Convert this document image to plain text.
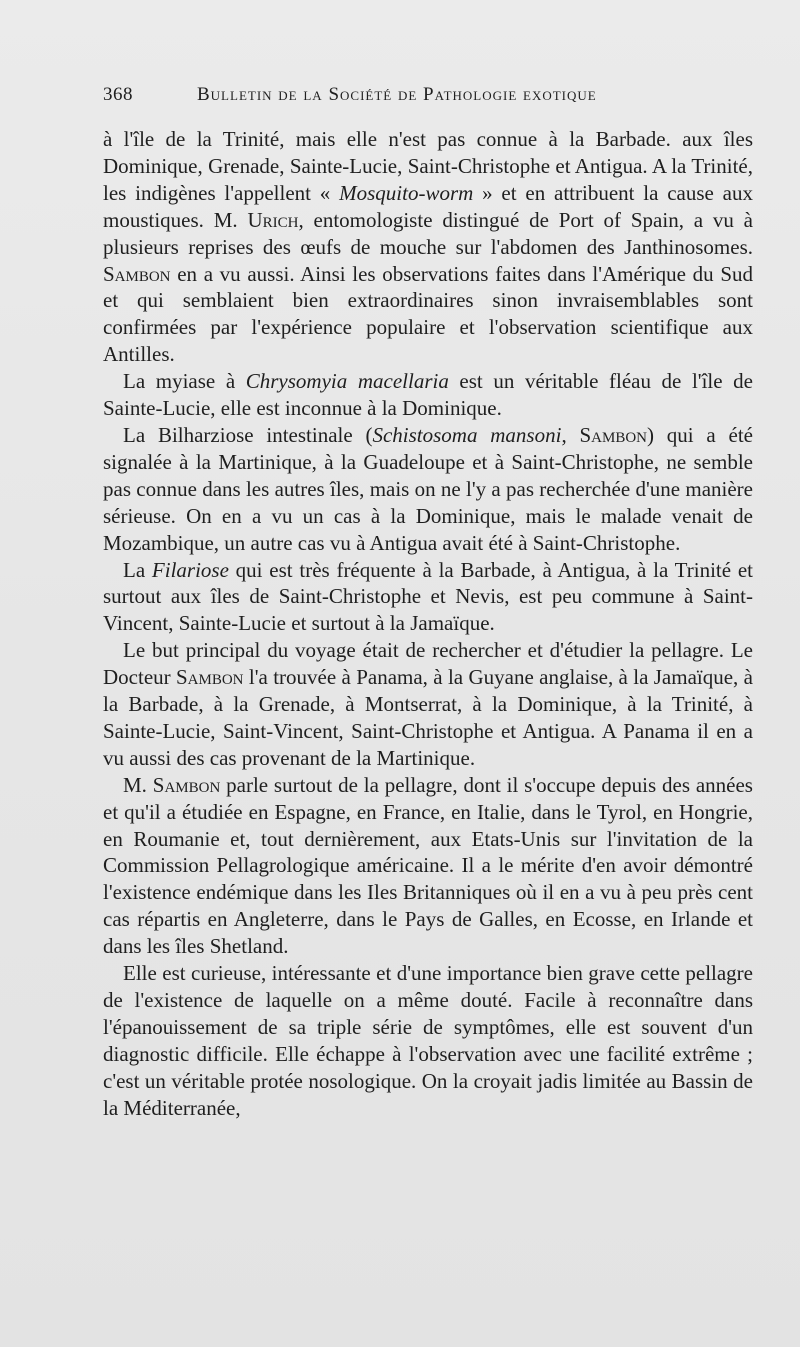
368	Bulletin de la Société de Pathologie exotique

à l'île de la Trinité, mais elle n'est pas connue à la Barbade. aux îles Dominique, Grenade, Sainte-Lucie, Saint-Christophe et Antigua. A la Trinité, les indigènes l'appellent « Mosquito-worm » et en attribuent la cause aux moustiques. M. Urich, entomologiste distingué de Port of Spain, a vu à plusieurs reprises des œufs de mouche sur l'abdomen des Janthinosomes. Sambon en a vu aussi. Ainsi les observations faites dans l'Amérique du Sud et qui semblaient bien extraordinaires sinon invraisemblables sont confirmées par l'expérience populaire et l'observation scientifique aux Antilles.

La myiase à Chrysomyia macellaria est un véritable fléau de l'île de Sainte-Lucie, elle est inconnue à la Dominique.

La Bilharziose intestinale (Schistosoma mansoni, Sambon) qui a été signalée à la Martinique, à la Guadeloupe et à Saint-Christophe, ne semble pas connue dans les autres îles, mais on ne l'y a pas recherchée d'une manière sérieuse. On en a vu un cas à la Dominique, mais le malade venait de Mozambique, un autre cas vu à Antigua avait été à Saint-Christophe.

La Filariose qui est très fréquente à la Barbade, à Antigua, à la Trinité et surtout aux îles de Saint-Christophe et Nevis, est peu commune à Saint-Vincent, Sainte-Lucie et surtout à la Jamaïque.

Le but principal du voyage était de rechercher et d'étudier la pellagre. Le Docteur Sambon l'a trouvée à Panama, à la Guyane anglaise, à la Jamaïque, à la Barbade, à la Grenade, à Montserrat, à la Dominique, à la Trinité, à Sainte-Lucie, Saint-Vincent, Saint-Christophe et Antigua. A Panama il en a vu aussi des cas provenant de la Martinique.

M. Sambon parle surtout de la pellagre, dont il s'occupe depuis des années et qu'il a étudiée en Espagne, en France, en Italie, dans le Tyrol, en Hongrie, en Roumanie et, tout dernièrement, aux Etats-Unis sur l'invitation de la Commission Pellagrologique américaine. Il a le mérite d'en avoir démontré l'existence endémique dans les Iles Britanniques où il en a vu à peu près cent cas répartis en Angleterre, dans le Pays de Galles, en Ecosse, en Irlande et dans les îles Shetland.

Elle est curieuse, intéressante et d'une importance bien grave cette pellagre de l'existence de laquelle on a même douté. Facile à reconnaître dans l'épanouissement de sa triple série de symptômes, elle est souvent d'un diagnostic difficile. Elle échappe à l'observation avec une facilité extrême ; c'est un véritable protée nosologique. On la croyait jadis limitée au Bassin de la Méditerranée,
